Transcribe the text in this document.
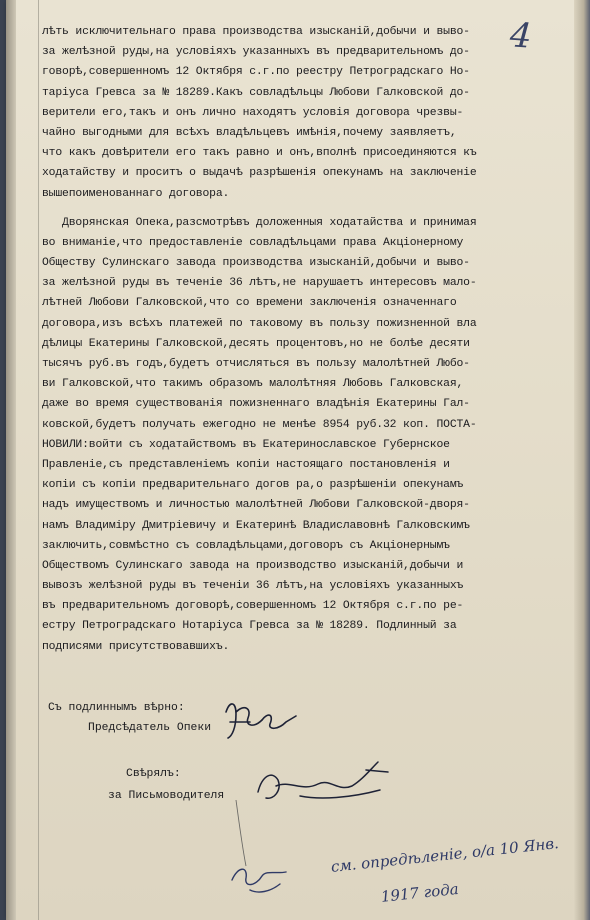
4
лѣть исключительнаго права производства изысканій,добычи и выво-
за желѣзной руды,на условіяхъ указанныхъ въ предварительномъ до-
говорѣ,совершенномъ 12 Октября с.г.по реестру Петроградскаго Но-
таріуса Гревса за № 18289.Какъ совладѣльцы Любови Галковской до-
верители его,такъ и онъ лично находятъ условія договора чрезвы-
чайно выгодными для всѣхъ владѣльцевъ имѣнія,почему заявляетъ,
что какъ довѣрители его такъ равно и онъ,вполнѣ присоединяются къ
ходатайству и проситъ о выдачѣ разрѣшенія опекунамъ на заключеніе
вышепоименованнаго договора.
Дворянская Опека,разсмотрѣвъ доложенныя ходатайства и принимая
во вниманіе,что предоставленіе совладѣльцами права Акціонерному
Обществу Сулинскаго завода производства изысканій,добычи и выво-
за желѣзной руды въ теченіе 36 лѣтъ,не нарушаетъ интересовъ мало-
лѣтней Любови Галковской,что со времени заключенія означеннаго
договора,изъ всѣхъ платежей по таковому въ пользу пожизненной вла
дѣлицы Екатерины Галковской,десять процентовъ,но не болѣе десяти
тысячъ руб.въ годъ,будетъ отчисляться въ пользу малолѣтней Любо-
ви Галковской,что такимъ образомъ малолѣтняя Любовь Галковская,
даже во время существованія пожизненнаго владѣнія Екатерины Гал-
ковской,будетъ получать ежегодно не менѣе 8954 руб.32 коп. ПОСТА-
НОВИЛИ:войти съ ходатайствомъ въ Екатеринославское Губернское
Правленіе,съ представленіемъ копіи настоящаго постановленія и
копіи съ копіи предварительнаго догов ра,о разрѣшеніи опекунамъ
надъ имуществомъ и личностью малолѣтней Любови Галковской-дворя-
намъ Владиміру Дмитріевичу и Екатеринѣ Владиславовнѣ Галковскимъ
заключить,совмѣстно съ совладѣльцами,договоръ съ Акціонернымъ
Обществомъ Сулинскаго завода на производство изысканій,добычи и
вывозъ желѣзной руды въ теченіи 36 лѣтъ,на условіяхъ указанныхъ
въ предварительномъ договорѣ,совершенномъ 12 Октября с.г.по ре-
естру Петроградскаго Нотаріуса Гревса за № 18289. Подлинный за
подписями присутствовавшихъ.
Съ подлиннымъ вѣрно:
Предсѣдатель Опеки
Свѣрялъ:
за Письмоводителя
см. опредѣленіе, о/а 10 Янв.
1917 года
